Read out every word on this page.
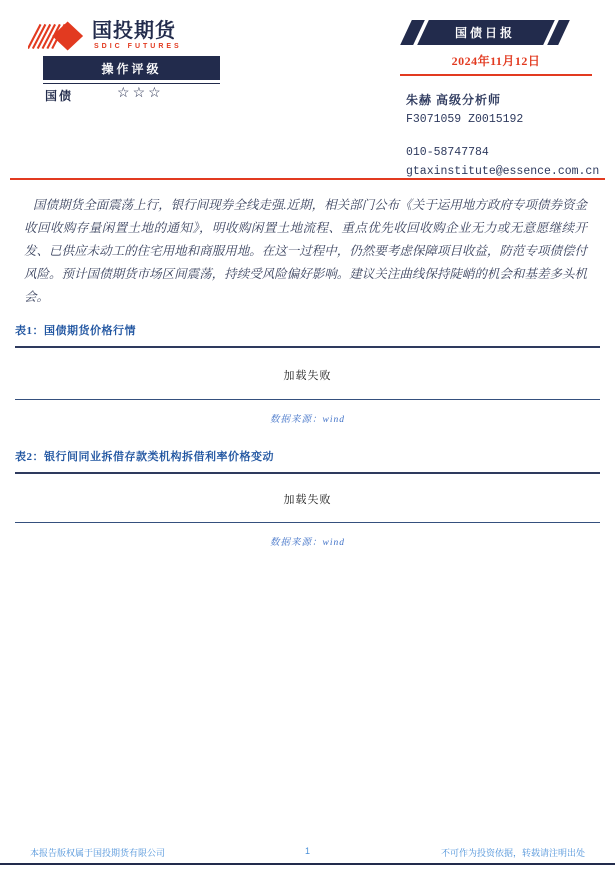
国投期货
SDIC FUTURES
操作评级
国债	☆☆☆
国债日报
2024年11月12日
朱赫 高级分析师
F3071059 Z0015192
010-58747784
gtaxinstitute@essence.com.cn
国债期货全面震荡上行，银行间现券全线走强.近期，相关部门公布《关于运用地方政府专项债券资金收回收购存量闲置土地的通知》，明收购闲置土地流程、重点优先收回收购企业无力或无意愿继续开发、已供应未动工的住宅用地和商服用地。在这一过程中，仍然要考虑保障项目收益，防范专项债偿付风险。预计国债期货市场区间震荡，持续受风险偏好影响。建议关注曲线保持陡峭的机会和基差多头机会。
表1：国债期货价格行情
加载失败
数据来源：wind
表2：银行间同业拆借存款类机构拆借利率价格变动
加载失败
数据来源：wind
本报告版权属于国投期货有限公司	1	不可作为投资依据，转载请注明出处
